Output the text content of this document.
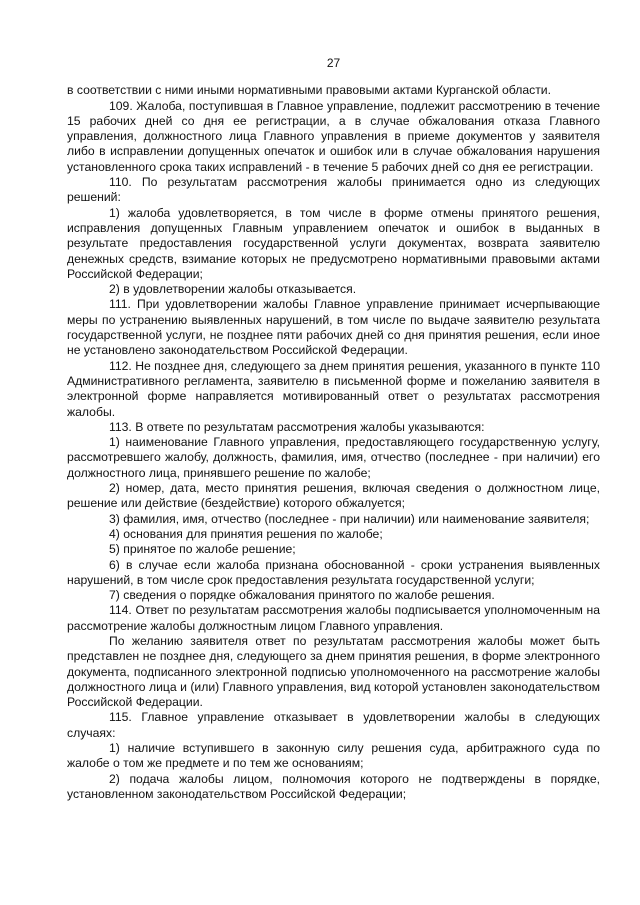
27

в соответствии с ними иными нормативными правовыми актами Курганской области.

109. Жалоба, поступившая в Главное управление, подлежит рассмотрению в течение 15 рабочих дней со дня ее регистрации, а в случае обжалования отказа Главного управления, должностного лица Главного управления в приеме документов у заявителя либо в исправлении допущенных опечаток и ошибок или в случае обжалования нарушения установленного срока таких исправлений - в течение 5 рабочих дней со дня ее регистрации.

110. По результатам рассмотрения жалобы принимается одно из следующих решений:

1) жалоба удовлетворяется, в том числе в форме отмены принятого решения, исправления допущенных Главным управлением опечаток и ошибок в выданных в результате предоставления государственной услуги документах, возврата заявителю денежных средств, взимание которых не предусмотрено нормативными правовыми актами Российской Федерации;

2) в удовлетворении жалобы отказывается.

111. При удовлетворении жалобы Главное управление принимает исчерпывающие меры по устранению выявленных нарушений, в том числе по выдаче заявителю результата государственной услуги, не позднее пяти рабочих дней со дня принятия решения, если иное не установлено законодательством Российской Федерации.

112. Не позднее дня, следующего за днем принятия решения, указанного в пункте 110 Административного регламента, заявителю в письменной форме и пожеланию заявителя в электронной форме направляется мотивированный ответ о результатах рассмотрения жалобы.

113. В ответе по результатам рассмотрения жалобы указываются:

1) наименование Главного управления, предоставляющего государственную услугу, рассмотревшего жалобу, должность, фамилия, имя, отчество (последнее - при наличии) его должностного лица, принявшего решение по жалобе;

2) номер, дата, место принятия решения, включая сведения о должностном лице, решение или действие (бездействие) которого обжалуется;

3) фамилия, имя, отчество (последнее - при наличии) или наименование заявителя;

4) основания для принятия решения по жалобе;

5) принятое по жалобе решение;

6) в случае если жалоба признана обоснованной - сроки устранения выявленных нарушений, в том числе срок предоставления результата государственной услуги;

7) сведения о порядке обжалования принятого по жалобе решения.

114. Ответ по результатам рассмотрения жалобы подписывается уполномоченным на рассмотрение жалобы должностным лицом Главного управления.

По желанию заявителя ответ по результатам рассмотрения жалобы может быть представлен не позднее дня, следующего за днем принятия решения, в форме электронного документа, подписанного электронной подписью уполномоченного на рассмотрение жалобы должностного лица и (или) Главного управления, вид которой установлен законодательством Российской Федерации.

115. Главное управление отказывает в удовлетворении жалобы в следующих случаях:

1) наличие вступившего в законную силу решения суда, арбитражного суда по жалобе о том же предмете и по тем же основаниям;

2) подача жалобы лицом, полномочия которого не подтверждены в порядке, установленном законодательством Российской Федерации;
